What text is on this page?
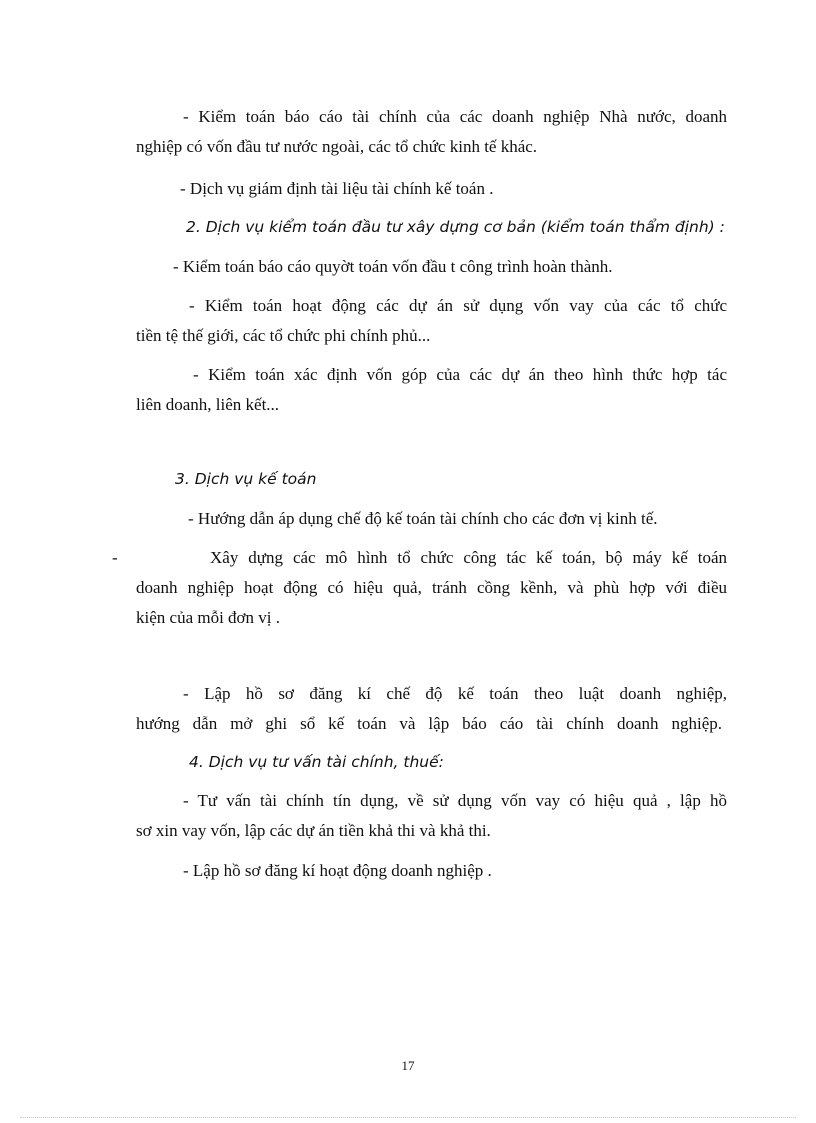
- Kiểm toán báo cáo tài chính của các doanh nghiệp Nhà nước, doanh

nghiệp có vốn đầu tư nước ngoài, các tổ chức kinh tế khác.

- Dịch vụ giám định tài liệu tài chính kế toán .

2. Dịch vụ kiểm toán đầu tư xây dựng cơ bản (kiểm toán thẩm định) :

- Kiểm toán báo cáo quyờt toán vốn đầu t công trình hoàn thành.

- Kiểm toán hoạt động các dự án sử dụng vốn vay của các tổ chức

tiền tệ thế giới, các tổ chức phi chính phủ...

- Kiểm toán xác định vốn góp của các dự án theo hình thức hợp tác

liên doanh, liên kết...

3. Dịch vụ kế toán

- Hướng dẫn áp dụng chế độ kế toán tài chính cho các đơn vị kinh tế.

-	Xây dựng các mô hình tổ chức công tác kế toán, bộ máy kế toán

doanh nghiệp hoạt động có hiệu quả, tránh cồng kềnh, và phù hợp với điều

kiện của mỗi đơn vị .

- Lập hồ sơ đăng kí chế độ kế toán theo luật doanh nghiệp,

hướng dẫn mở ghi sổ kế toán và lập báo cáo tài chính doanh nghiệp.

4. Dịch vụ tư vấn tài chính, thuế:

- Tư vấn tài chính tín dụng, về sử dụng vốn vay có hiệu quả , lập hồ

sơ xin vay vốn, lập các dự án tiền khả thi và khả thi.

- Lập hồ sơ đăng kí hoạt động doanh nghiệp .

17
